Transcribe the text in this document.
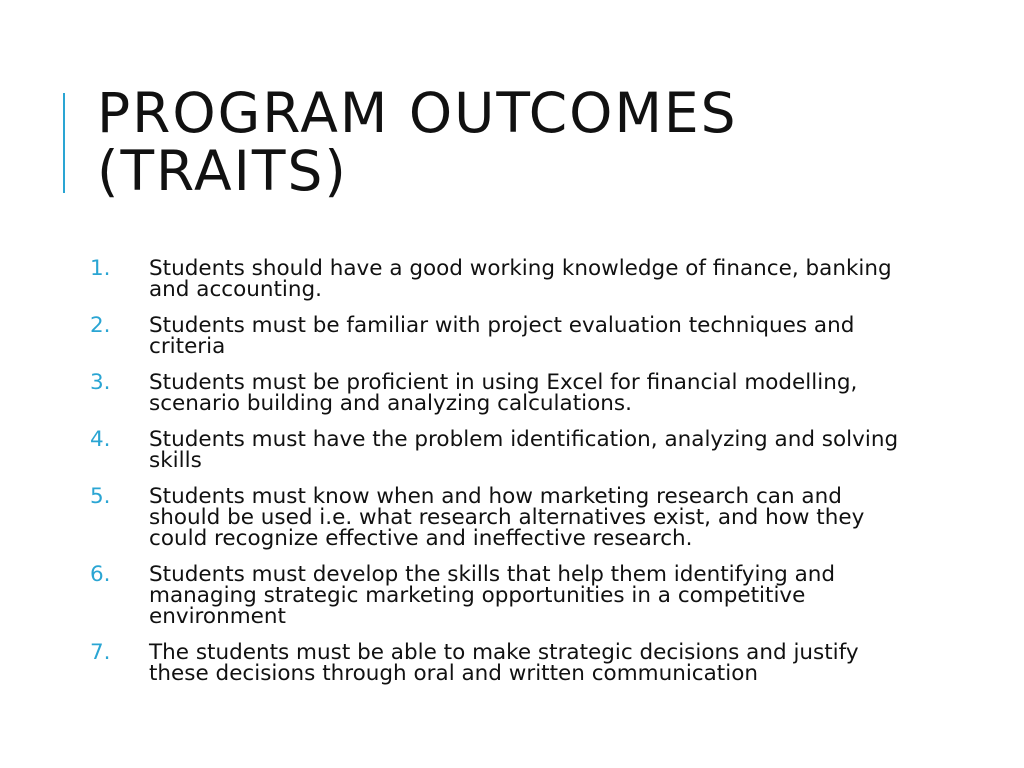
PROGRAM OUTCOMES
(TRAITS)
1.	Students should have a good working knowledge of finance, banking and accounting.
2.	Students must be familiar with project evaluation techniques and criteria
3.	Students must be proficient in using Excel for financial modelling, scenario building and analyzing calculations.
4.	Students must have the problem identification, analyzing and solving skills
5.	Students must know when and how marketing research can and should be used i.e. what research alternatives exist, and how they could recognize effective and ineffective research.
6.	Students must develop the skills that help them identifying and managing strategic marketing opportunities in a competitive environment
7.	The students must be able to make strategic decisions and justify these decisions through oral and written communication
